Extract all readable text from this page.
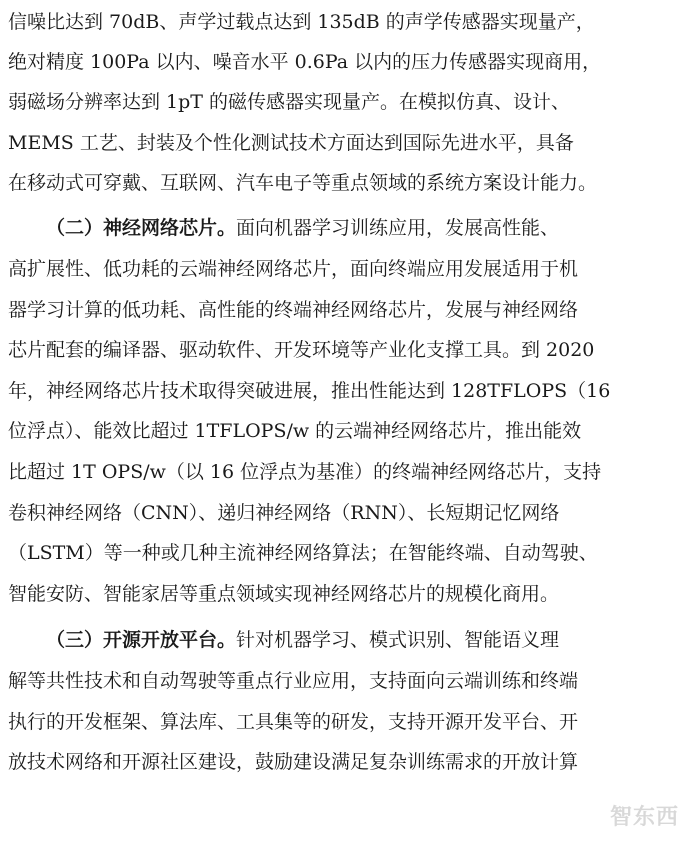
信噪比达到 70dB、声学过载点达到 135dB 的声学传感器实现量产，
绝对精度 100Pa 以内、噪音水平 0.6Pa 以内的压力传感器实现商用，
弱磁场分辨率达到 1pT 的磁传感器实现量产。在模拟仿真、设计、
MEMS 工艺、封装及个性化测试技术方面达到国际先进水平，具备
在移动式可穿戴、互联网、汽车电子等重点领域的系统方案设计能力。
（二）神经网络芯片。面向机器学习训练应用，发展高性能、
高扩展性、低功耗的云端神经网络芯片，面向终端应用发展适用于机
器学习计算的低功耗、高性能的终端神经网络芯片，发展与神经网络
芯片配套的编译器、驱动软件、开发环境等产业化支撑工具。到 2020
年，神经网络芯片技术取得突破进展，推出性能达到 128TFLOPS（16
位浮点）、能效比超过 1TFLOPS/w 的云端神经网络芯片，推出能效
比超过 1T OPS/w（以 16 位浮点为基准）的终端神经网络芯片，支持
卷积神经网络（CNN）、递归神经网络（RNN）、长短期记忆网络
（LSTM）等一种或几种主流神经网络算法；在智能终端、自动驾驶、
智能安防、智能家居等重点领域实现神经网络芯片的规模化商用。
（三）开源开放平台。针对机器学习、模式识别、智能语义理
解等共性技术和自动驾驶等重点行业应用，支持面向云端训练和终端
执行的开发框架、算法库、工具集等的研发，支持开源开发平台、开
放技术网络和开源社区建设，鼓励建设满足复杂训练需求的开放计算
智东西
